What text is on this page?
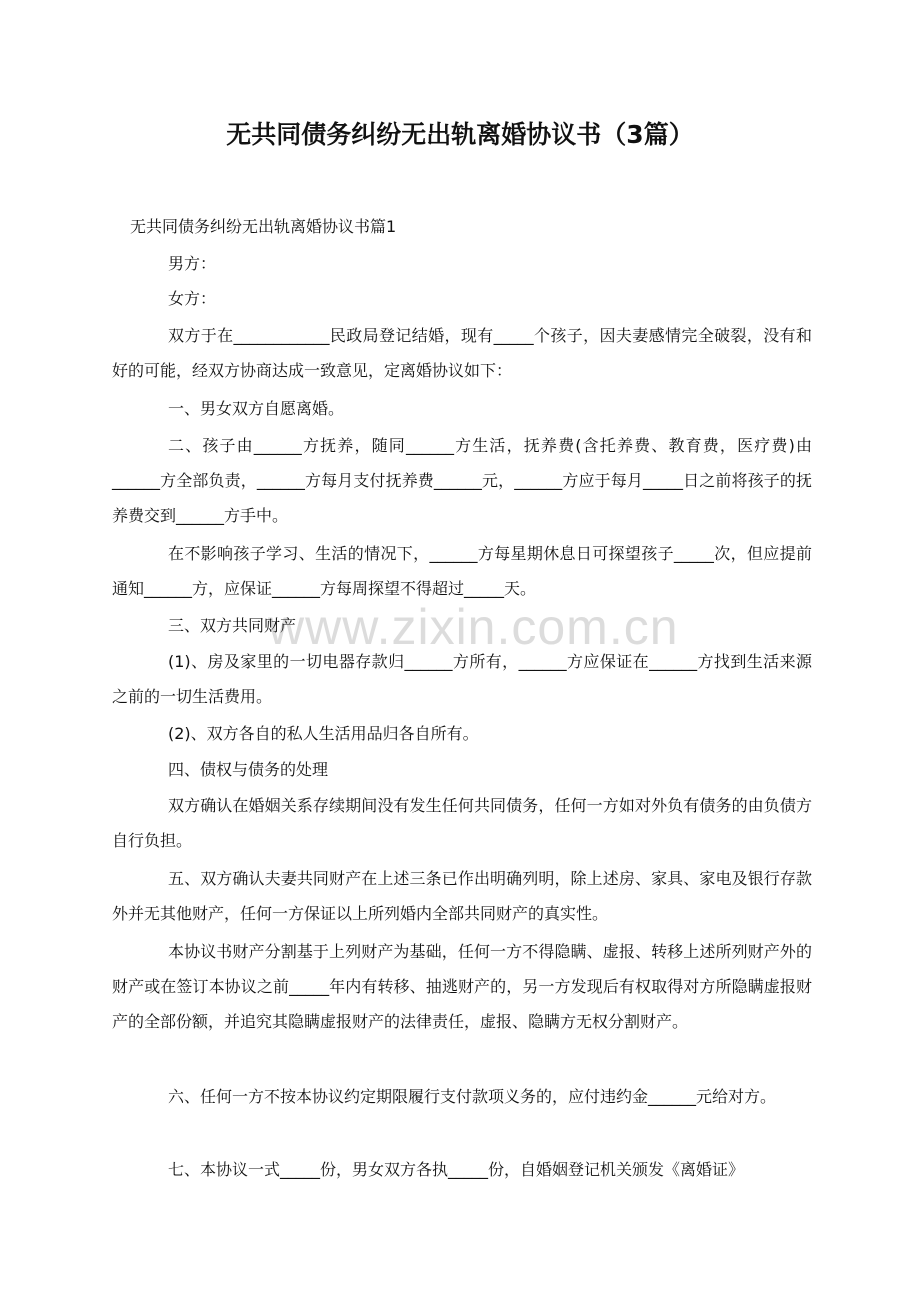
www.zixin.com.cn
无共同债务纠纷无出轨离婚协议书（3篇）
无共同债务纠纷无出轨离婚协议书篇1

男方：

女方：

双方于在____________民政局登记结婚，现有_____个孩子，因夫妻感情完全破裂，没有和好的可能，经双方协商达成一致意见，定离婚协议如下：

一、男女双方自愿离婚。

二、孩子由______方抚养，随同______方生活，抚养费(含托养费、教育费，医疗费)由______方全部负责，______方每月支付抚养费______元，______方应于每月_____日之前将孩子的抚养费交到______方手中。

在不影响孩子学习、生活的情况下，______方每星期休息日可探望孩子_____次，但应提前通知______方，应保证______方每周探望不得超过_____天。

三、双方共同财产

(1)、房及家里的一切电器存款归______方所有，______方应保证在______方找到生活来源之前的一切生活费用。

(2)、双方各自的私人生活用品归各自所有。

四、债权与债务的处理

双方确认在婚姻关系存续期间没有发生任何共同债务，任何一方如对外负有债务的由负债方自行负担。

五、双方确认夫妻共同财产在上述三条已作出明确列明，除上述房、家具、家电及银行存款外并无其他财产，任何一方保证以上所列婚内全部共同财产的真实性。

本协议书财产分割基于上列财产为基础，任何一方不得隐瞒、虚报、转移上述所列财产外的财产或在签订本协议之前_____年内有转移、抽逃财产的，另一方发现后有权取得对方所隐瞒虚报财产的全部份额，并追究其隐瞒虚报财产的法律责任，虚报、隐瞒方无权分割财产。

六、任何一方不按本协议约定期限履行支付款项义务的，应付违约金______元给对方。

七、本协议一式_____份，男女双方各执_____份，自婚姻登记机关颁发《离婚证》
